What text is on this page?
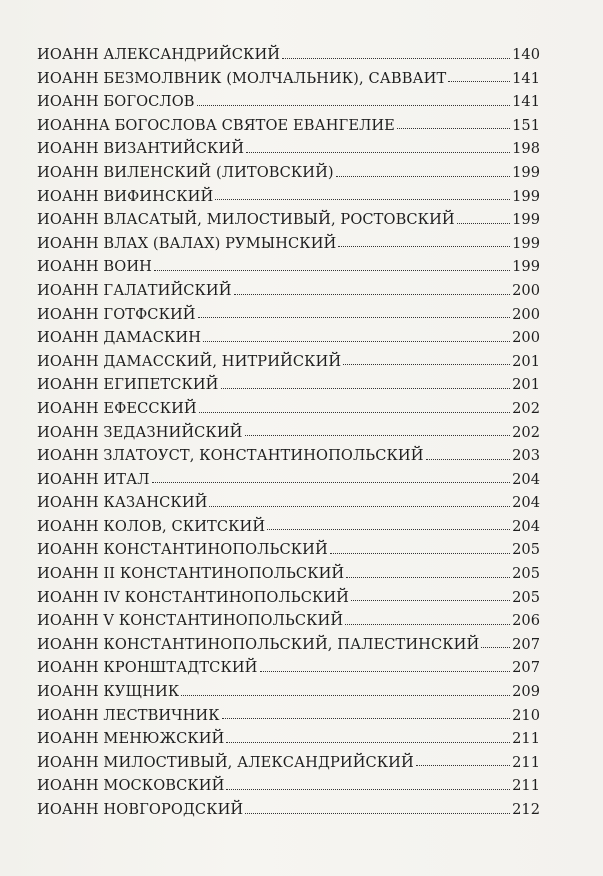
ИОАНН АЛЕКСАНДРИЙСКИЙ	140
ИОАНН БЕЗМОЛВНИК (МОЛЧАЛЬНИК), САВВАИТ	141
ИОАНН БОГОСЛОВ	141
ИОАННА БОГОСЛОВА СВЯТОЕ ЕВАНГЕЛИЕ	151
ИОАНН ВИЗАНТИЙСКИЙ	198
ИОАНН ВИЛЕНСКИЙ (ЛИТОВСКИЙ)	199
ИОАНН ВИФИНСКИЙ	199
ИОАНН ВЛАСАТЫЙ, МИЛОСТИВЫЙ, РОСТОВСКИЙ	199
ИОАНН ВЛАХ (ВАЛАХ) РУМЫНСКИЙ	199
ИОАНН ВОИН	199
ИОАНН ГАЛАТИЙСКИЙ	200
ИОАНН ГОТФСКИЙ	200
ИОАНН ДАМАСКИН	200
ИОАНН ДАМАССКИЙ, НИТРИЙСКИЙ	201
ИОАНН ЕГИПЕТСКИЙ	201
ИОАНН ЕФЕССКИЙ	202
ИОАНН ЗЕДАЗНИЙСКИЙ	202
ИОАНН ЗЛАТОУСТ, КОНСТАНТИНОПОЛЬСКИЙ	203
ИОАНН ИТАЛ	204
ИОАНН КАЗАНСКИЙ	204
ИОАНН КОЛОВ, СКИТСКИЙ	204
ИОАНН КОНСТАНТИНОПОЛЬСКИЙ	205
ИОАНН II КОНСТАНТИНОПОЛЬСКИЙ	205
ИОАНН IV КОНСТАНТИНОПОЛЬСКИЙ	205
ИОАНН V КОНСТАНТИНОПОЛЬСКИЙ	206
ИОАНН КОНСТАНТИНОПОЛЬСКИЙ, ПАЛЕСТИНСКИЙ 207
ИОАНН КРОНШТАДТСКИЙ	207
ИОАНН КУЩНИК	209
ИОАНН ЛЕСТВИЧНИК	210
ИОАНН МЕНЮЖСКИЙ	211
ИОАНН МИЛОСТИВЫЙ, АЛЕКСАНДРИЙСКИЙ	211
ИОАНН МОСКОВСКИЙ	211
ИОАНН НОВГОРОДСКИЙ	212
